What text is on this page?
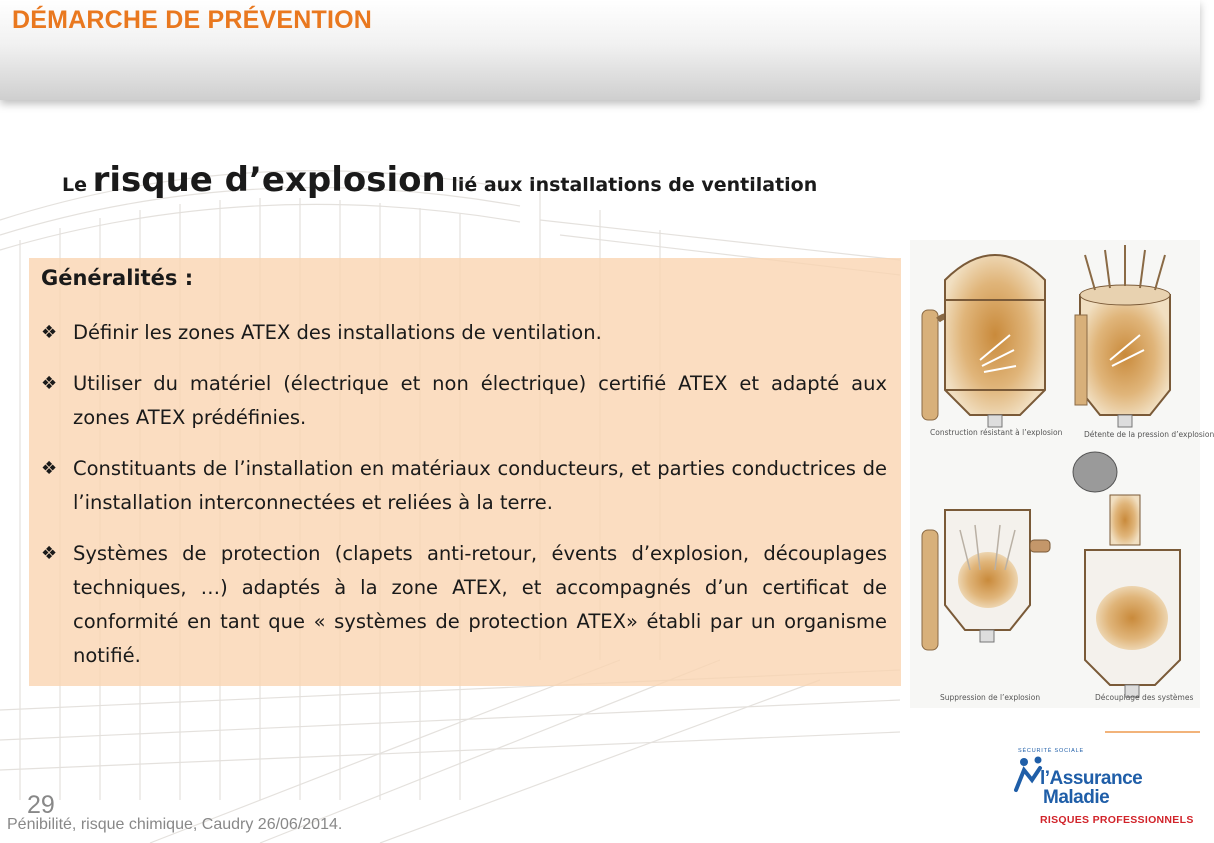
DÉMARCHE DE PRÉVENTION
Le risque d’explosion lié aux installations de ventilation
Généralités :
❖ Définir les zones ATEX des installations de ventilation.
❖ Utiliser du matériel (électrique et non électrique) certifié ATEX et adapté aux zones ATEX prédéfinies.
❖ Constituants de l’installation en matériaux conducteurs, et parties conductrices de l’installation interconnectées et reliées à la terre.
❖ Systèmes de protection (clapets anti-retour, évents d’explosion, découplages techniques, …) adaptés à la zone ATEX, et accompagnés d’un certificat de conformité en tant que « systèmes de protection ATEX» établi par un organisme notifié.
Construction résistant à l’explosion	Détente de la pression d’explosion
Suppression de l’explosion	Découplage des systèmes
SÉCURITÉ SOCIALE
l’Assurance
Maladie
RISQUES PROFESSIONNELS
29
Pénibilité, risque chimique, Caudry 26/06/2014.
